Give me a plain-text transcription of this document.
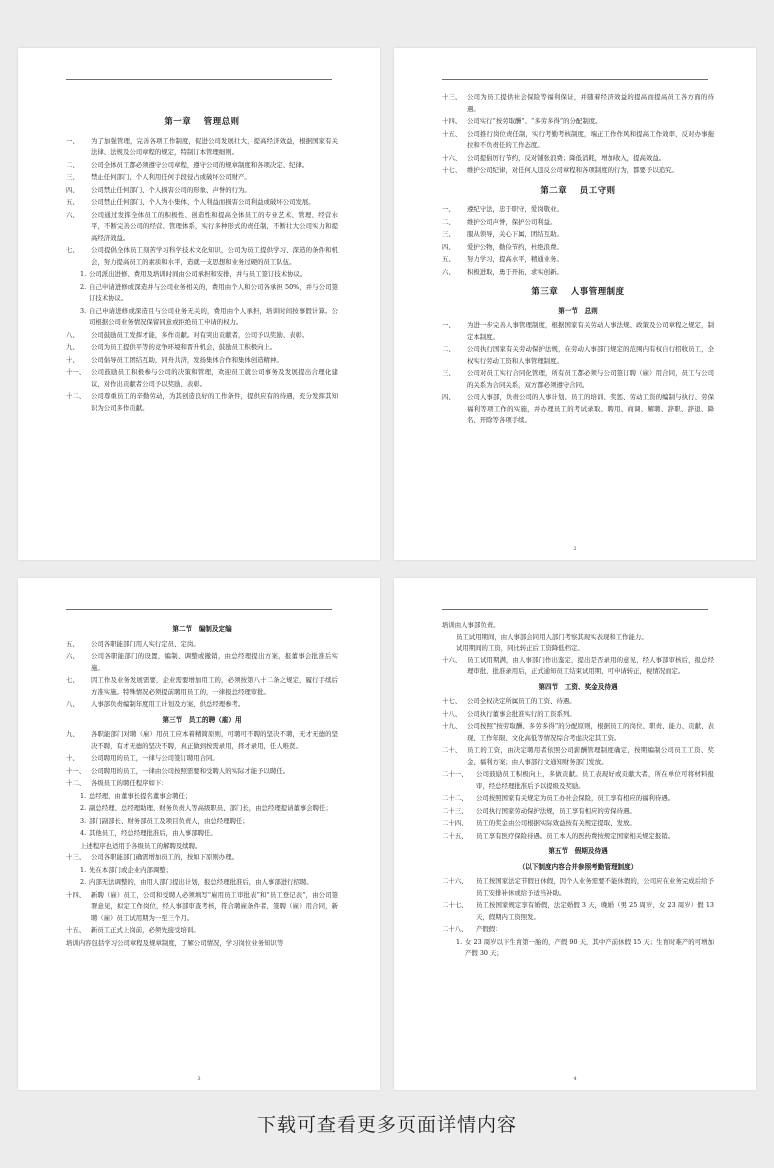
第一章　 管理总则
一、	为了加强管理，完善各项工作制度，促进公司发展壮大，提高经济效益，根据国家有关法律、法规及公司章程的规定，特制订本管理细则。
二、	公司全体员工都必须遵守公司章程，遵守公司的规章制度和各项决定、纪律。
三、	禁止任何部门、个人利用任何手段侵占或破坏公司财产。
四、	公司禁止任何部门、个人损害公司的形象、声誉的行为。
五、	公司禁止任何部门、个人为小集体、个人利益而损害公司利益或破坏公司发展。
六、	公司通过发挥全体员工的积极性、创造性和提高全体员工的专业艺术、管理、经营水平，不断完善公司的经营、管理体系，实行多种形式的责任制，不断壮大公司实力和提高经济效益。
七、	公司提倡全体员工刻苦学习科学技术文化知识，公司为员工提供学习、深造的条件和机会，努力提高员工的素质和水平，造就一支思想和业务过硬的员工队伍。
1. 公司派出进修、费用及培训时间由公司承担和安排，并与员工签订技术协议。
2. 自己申请进修或深造并与公司业务相关的，费用由个人和公司各承担 50%，并与公司签订技术协议。
3. 自己申请进修或深造且与公司业务无关的，费用由个人承担，培训时间按事假计算。公司根据公司业务情况保留同意或拒绝员工申请的权力。
八、	公司鼓励员工发挥才能，多作贡献。对有突出贡献者，公司予以奖励、表彰。
九、	公司为员工提供平等的竞争环境和晋升机会，鼓励员工积极向上。
十、	公司倡导员工团结互助，同舟共济，发扬集体合作和集体创造精神。
十一、 公司鼓励员工积极参与公司的决策和管理，欢迎员工就公司事务及发展提出合理化建议，对作出贡献者公司予以奖励、表彰。
十二、 公司尊重员工的辛勤劳动，为其创造良好的工作条件，提供应有的待遇，充分发挥其知识为公司多作贡献。
十三、 公司为员工提供社会保险等福利保证，并随着经济效益的提高而提高员工各方面的待遇。
十四、 公司实行“按劳取酬”、“多劳多得”的分配制度。
十五、 公司推行岗位责任制，实行考勤考核制度，端正工作作风和提高工作效率，反对办事拖拉和不负责任的工作态度。
十六、 公司提倡厉行节约，反对铺张浪费；降低消耗，增加收入，提高效益。
十七、 维护公司纪律，对任何人违反公司章程和各项制度的行为，都要予以追究。
第二章　 员工守则
一、	遵纪守法，忠于职守，爱岗敬业。
二、	维护公司声誉，保护公司利益。
三、	服从领导，关心下属，团结互助。
四、	爱护公物，勤俭节约，杜绝浪费。
五、	努力学习，提高水平，精通业务。
六、	积极进取，勇于开拓，求实创新。
第三章　 人事管理制度
第一节　总则
一、	为进一步完善人事管理制度，根据国家有关劳动人事法规、政策及公司章程之规定，制定本制度。
二、	公司执行国家有关劳动保护法规，在劳动人事部门规定的范围内有权自行招收员工，全权实行劳动工资和人事管理制度。
三、	公司对员工实行合同化管理，所有员工都必须与公司签订聘（雇）用合同，员工与公司的关系为合同关系，双方都必须遵守合同。
四、	公司人事部，负责公司的人事计划、员工的培训、奖惩、劳动工资的编制与执行、劳保福利等项工作的实施，并办理员工的考试录取、聘用、商调、解聘、辞职、辞退、降名、开除等各项手续。
2
第二节　编制及定编
五、	公司各职能部门用人实行定员、定岗。
六、	公司各职能部门的设置，编制、调整或撤销，由总经理提出方案，报董事会批准后实施。
七、	因工作及业务发展需要，企业需要增加用工的，必须按第八十二条之规定，履行手续后方准实施。特殊情况必须提前聘用员工的，一律报总经理审批。
八、	人事部负责编制年度用工计划及方案，供总经理参考。
第三节　员工的聘（雇）用
九、	各职能部门对聘（雇）用员工应本着精简原则，可聘可不聘的坚决不聘，无才无德的坚决不聘，有才无德的坚决不聘，真正做到按需录用，择才录用，任人唯贤。
十、	公司聘用的员工，一律与公司签订聘用合同。
十一、 公司聘用的员工，一律由公司按照需要和受聘人的实际才能予以聘任。
十二、 各级员工的聘任程序如下：
1. 总经理，由董事长提名董事会聘任；
2. 副总经理、总经理助理、财务负责人等高级职员、部门长，由总经理提请董事会聘任；
3. 部门副部长、财务部员工及项目负责人，由总经理聘任；
4. 其他员工，经总经理批准后，由人事部聘任。
上述程序也适用于各级员工的解聘及续聘。
十三、 公司各职能部门确需增加员工的，按如下原则办理。
1. 先在本部门或企业内部调整；
2. 内部无法调整的，由用人部门提出计划，报总经理批准后，由人事部进行招聘。
十四、 新聘（雇）员工，公司和受聘人必须填写“雇用员工审批表”和“员工登记表”，由公司签署意见，拟定工作岗位，经人事部审查考核，符合聘雇条件者，签聘（雇）用合同，新聘（雇）员工试用期为一至三个月。
十五、 新员工正式上岗前，必须先接受培训。
培训内容包括学习公司章程及规章制度，了解公司情况，学习岗位业务知识等
3
培训由人事部负责。
员工试用期间，由人事部会同用人部门考察其现实表现和工作能力。
试用期间的工资，同比转正后工资降低档定。
十六、 员工试用期满，由人事部门作出鉴定，提出是否录用的意见，经人事部审核后，报总经理审批，批准录用后，正式通知员工结束试用期，可申请转正，视情况而定。
第四节　工资、奖金及待遇
十七、 公司全权决定所属员工的工资、待遇。
十八、 公司执行董事会批准实行的工资系列。
十九、 公司按照“按劳取酬、多劳多得”的分配原则，根据员工的岗位、职责、能力、贡献、表现、工作年限、文化高低等情况综合考虑决定其工资。
二十、 员工的工资，由决定聘用者依照公司薪酬管理制度确定，按期编制公司员工工资、奖金、福利方案；由人事部行文通知财务部门发放。
二十一、	公司鼓励员工积极向上，多做贡献。员工表现好或贡献大者，所在单位可将材料报审，经总经理批准后予以提级及奖励。
二十二、	公司按照国家有关规定为员工办社会保险，员工享有相应的福利待遇。
二十三、	公司执行国家劳动保护法规，员工享有相应的劳保待遇。
二十四、	员工的奖金由公司根据实际效益按有关规定提取、发放。
二十五、	员工享有医疗保险待遇。员工本人的医药费按规定国家相关规定报销。
第五节　假期及待遇
（以下制度内容合并参照考勤管理制度）
二十六、	员工按国家法定节假日休假，因个人业务需要不能休假的，公司应在业务完成后给予员工安排补休或给予适当补助。
二十七、	员工按国家规定享有婚假，法定婚假 3 天，晚婚（男 25 周岁、女 23 周岁）假 13 天，假期内工资照发。
二十八、	产假假：
1. 女 23 周岁以下生育第一胎的，产假 90 天，其中产前休假 15 天；生育时难产的可增加产假 30 天；
4
下载可查看更多页面详情内容
